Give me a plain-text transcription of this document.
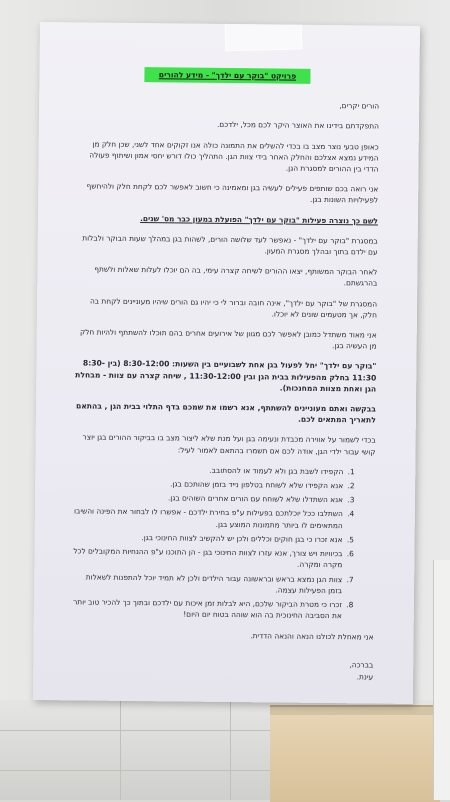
פרויקט "בוקר עם ילדך" - מידע להורים

הורים יקרים,

התפקדתם בידינו את האוצר היקר לכם מכל, ילדכם.

כאופן טבעי נוצר מצב בו בכדי להשלים את התמונה כולה אנו זקוקים אחד לשני, שכן חלק מן המידע נמצא אצלכם והחלק האחר בידי צוות הגן. התהליך כולו דורש יחסי אמון ושיתוף פעולה הדדי בין ההורים למסגרת הגן.

אני רואה בכם שותפים פעילים לעשיה בגן ומאמינה כי חשוב לאפשר לכם לקחת חלק ולהיחשף לפעילויות השונות בגן.

לשם כך נוצרה פעילות "בוקר עם ילדך" הפועלת במעון כבר מס' שנים.

במסגרת "בוקר עם ילדך" - נאפשר לעד שלושה הורים, לשהות בגן במהלך שעות הבוקר ולבלות עם ילדם בתוך ובהלך מסגרת המעון.

לאחר הבוקר המשותף, יצאו ההורים לשיחה קצרה עימי, בה הם יוכלו לעלות שאלות ולשתף בהרגשתם.

המסגרת של "בוקר עם ילדך", אינה חובה וברור לי כי יהיו גם הורים שיהיו מעוניינים לקחת בה חלק, אך מטעמים שונים לא יוכלו.

אני מאוד משתדל כמובן לאפשר לכם מגוון של אירועים אחרים בהם תוכלו להשתתף ולהיות חלק מן העשיה בגן.

"בוקר עם ילדך" יחל לפעול בגן אחת לשבועיים בין השעות: 8:30-12:00 (בין 8:30-11:30 בחלק מהפעילות בבית הגן ובין 11:30-12:00 , שיחה קצרה עם צוות - מבחלת הגן ואחת מצוות המחנכות).

בבקשה ואתם מעוניינים להשתתף, אנא רשמו את שמכם בדף התלוי בבית הגן , בהתאם לתאריך המתאים לכם.

בכדי לשמור על אווירה מכבדת ונעימה בגן ועל מנת שלא ליצור מצב בו בביקור ההורים בגן יוצר קושי עבור ילדי הגן, אודה לכם אם תשמרו בהתאם לאמור לעיל:

1. הקפידו לשבת בגן ולא לעמוד או להסתובב.
2. אנא הקפידו שלא לשוחח בטלפון נייד בזמן שהותכם בגן.
3. אנא השתדלו שלא לשוחח עם הורים אחרים השוהים בגן.
4. השתלבו ככל יוכלתכם בפעילות ע"פ בחירת ילדכם - אפשרו לו לבחור את הפינה והשיבו המתאימים לו ביותר מתמונות המוצע בגן.
5. אנא זכרו כי בגן חוקים וכללים ולכן יש להקשיב לצוות החינוכי בגן.
6. בכיוויות ויש צורך, אנא עזרו לצוות החינוכי בגן - הן התוכנו ע"פ ההנחיות המקובלים לכל מקרה ומקרה.
7. צוות הגן נמצא בראש ובראשונה עבור הילדים ולכן לא תמיד יוכל להתפנות לשאלות בזמן הפעילות עצמה.
8. זכרו כי מטרת הביקור שלכם, היא לבלות זמן איכות עם ילדכם ובתוך כך להכיר טוב יותר את הסביבה החינוכית בה הוא שוהה בטוח יום היום!

אני מאחלת לכולנו הנאה והנאה הדדית.

בברכה,
עינת.
